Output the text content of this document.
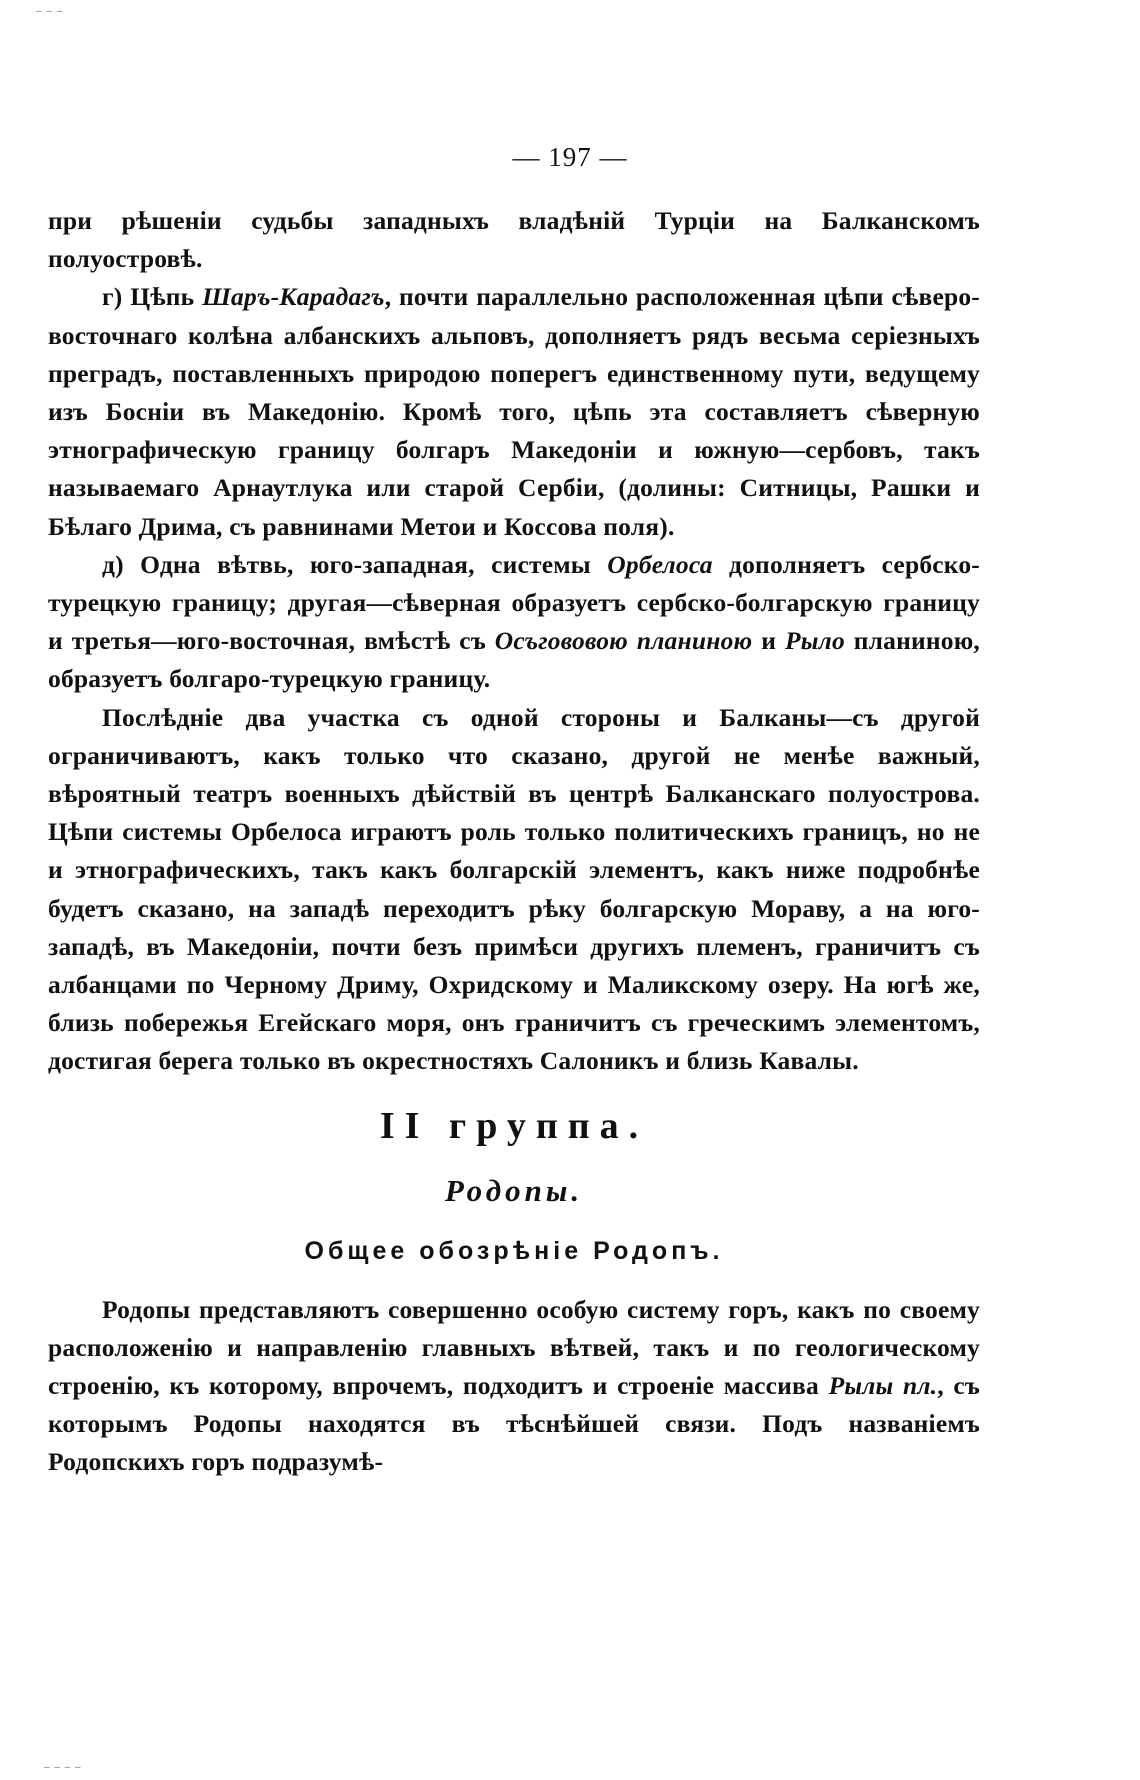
‒ ‒ ‒
— 197 —

при рѣшеніи судьбы западныхъ владѣній Турціи на Балканскомъ полуостровѣ.

г) Цѣпь Шаръ-Карадагъ, почти параллельно расположенная цѣпи сѣверо-восточнаго колѣна албанскихъ альповъ, дополняетъ рядъ весьма серіезныхъ преградъ, поставленныхъ природою поперегъ единственному пути, ведущему изъ Босніи въ Македонію. Кромѣ того, цѣпь эта составляетъ сѣверную этнографическую границу болгаръ Македоніи и южную—сербовъ, такъ называемаго Арнаутлука или старой Сербіи, (долины: Ситницы, Рашки и Бѣлаго Дрима, съ равнинами Метои и Коссова поля).

д) Одна вѣтвь, юго-западная, системы Орбелоса дополняетъ сербско-турецкую границу; другая—сѣверная образуетъ сербско-болгарскую границу и третья—юго-восточная, вмѣстѣ съ Осъгововою планиною и Рыло планиною, образуетъ болгаро-турецкую границу.

Послѣдніе два участка съ одной стороны и Балканы—съ другой ограничиваютъ, какъ только что сказано, другой не менѣе важный, вѣроятный театръ военныхъ дѣйствій въ центрѣ Балканскаго полуострова. Цѣпи системы Орбелоса играютъ роль только политическихъ границъ, но не и этнографическихъ, такъ какъ болгарскій элементъ, какъ ниже подробнѣе будетъ сказано, на западѣ переходитъ рѣку болгарскую Мораву, а на юго-западѣ, въ Македоніи, почти безъ примѣси другихъ племенъ, граничитъ съ албанцами по Черному Дриму, Охридскому и Маликскому озеру. На югѣ же, близь побережья Егейскаго моря, онъ граничитъ съ греческимъ элементомъ, достигая берега только въ окрестностяхъ Салоникъ и близь Кавалы.

II группа.
Родопы.
Общее обозрѣніе Родопъ.

Родопы представляютъ совершенно особую систему горъ, какъ по своему расположенію и направленію главныхъ вѣтвей, такъ и по геологическому строенію, къ которому, впрочемъ, подходитъ и строеніе массива Рылы пл., съ которымъ Родопы находятся въ тѣснѣйшей связи. Подъ названіемъ Родопскихъ горъ подразумѣ-

‒ ‒ ‒ ‒
